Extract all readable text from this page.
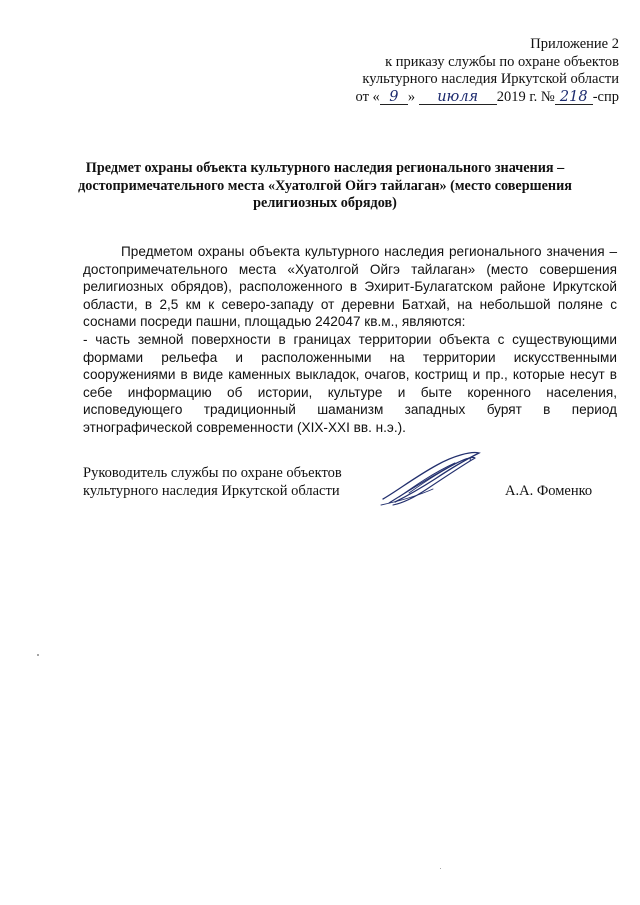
Приложение 2
к приказу службы по охране объектов
культурного наследия Иркутской области
от « 9 » июля 2019 г. № 218 -спр
Предмет охраны объекта культурного наследия регионального значения – достопримечательного места «Хуатолгой Ойгэ тайлаган» (место совершения религиозных обрядов)

Предметом охраны объекта культурного наследия регионального значения – достопримечательного места «Хуатолгой Ойгэ тайлаган» (место совершения религиозных обрядов), расположенного в Эхирит-Булагатском районе Иркутской области, в 2,5 км к северо-западу от деревни Батхай, на небольшой поляне с соснами посреди пашни, площадью 242047 кв.м., являются:

- часть земной поверхности в границах территории объекта с существующими формами рельефа и расположенными на территории искусственными сооружениями в виде каменных выкладок, очагов, кострищ и пр., которые несут в себе информацию об истории, культуре и быте коренного населения, исповедующего традиционный шаманизм западных бурят в период этнографической современности (XIX-XXI вв. н.э.).

Руководитель службы по охране объектов
культурного наследия Иркутской области	А.А. Фоменко
